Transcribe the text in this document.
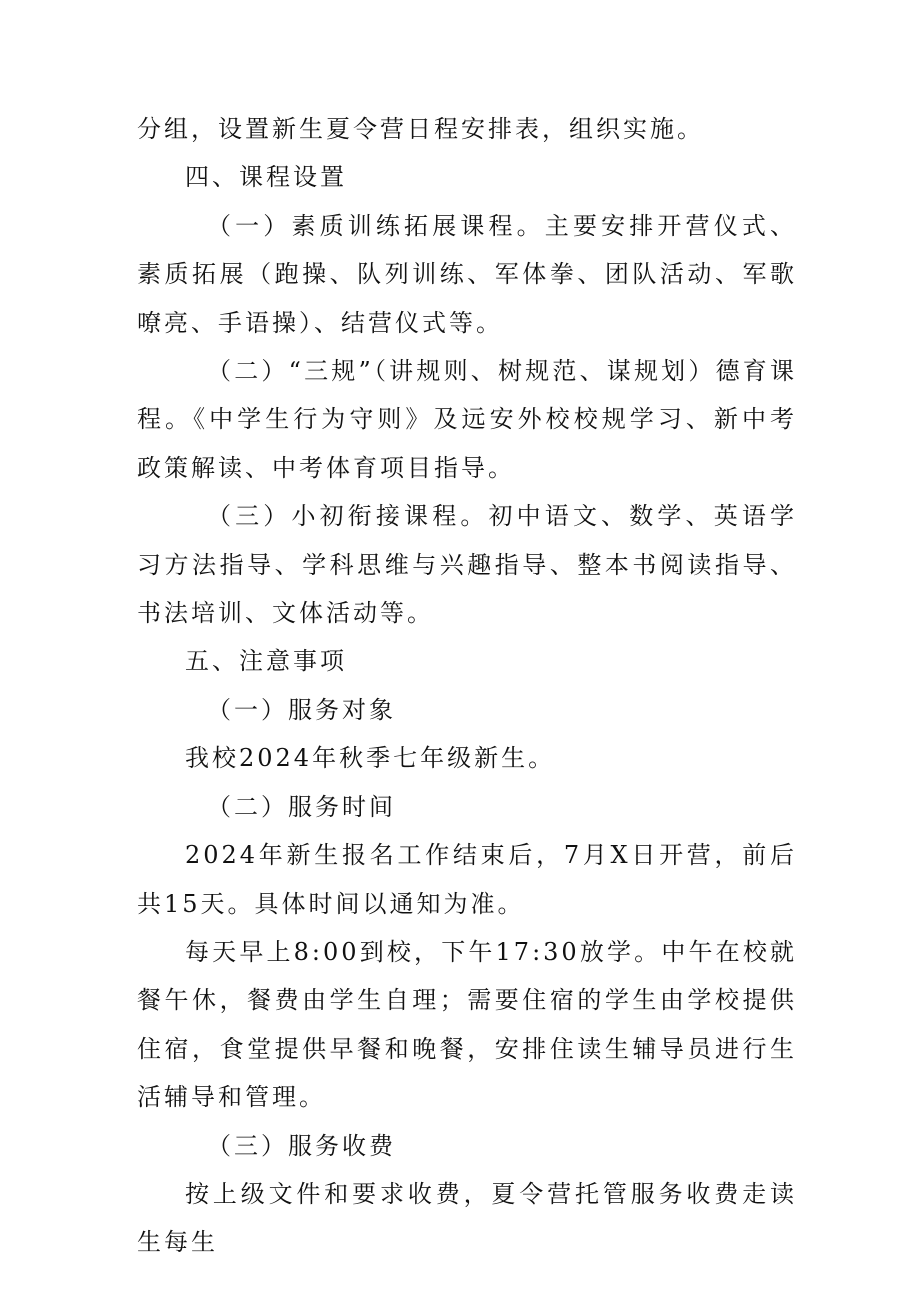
分组，设置新生夏令营日程安排表，组织实施。

四、课程设置

（一）素质训练拓展课程。主要安排开营仪式、素质拓展（跑操、队列训练、军体拳、团队活动、军歌嘹亮、手语操）、结营仪式等。

（二）“三规”（讲规则、树规范、谋规划）德育课程。《中学生行为守则》及远安外校校规学习、新中考政策解读、中考体育项目指导。

（三）小初衔接课程。初中语文、数学、英语学习方法指导、学科思维与兴趣指导、整本书阅读指导、书法培训、文体活动等。

五、注意事项

（一）服务对象

我校2024年秋季七年级新生。

（二）服务时间

2024年新生报名工作结束后，7月X日开营，前后共15天。具体时间以通知为准。

每天早上8:00到校，下午17:30放学。中午在校就餐午休，餐费由学生自理；需要住宿的学生由学校提供住宿，食堂提供早餐和晚餐，安排住读生辅导员进行生活辅导和管理。

（三）服务收费

按上级文件和要求收费，夏令营托管服务收费走读生每生
